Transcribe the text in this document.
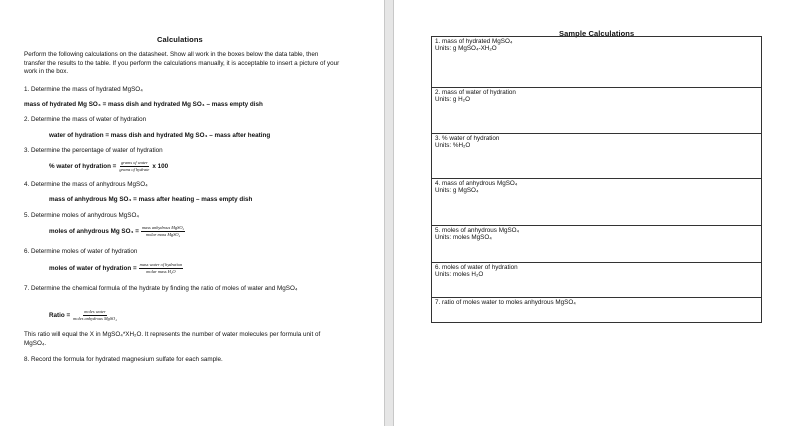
Calculations
Perform the following calculations on the datasheet. Show all work in the boxes below the data table, then transfer the results to the table. If you perform the calculations manually, it is acceptable to insert a picture of your work in the box.
1. Determine the mass of hydrated MgSO₄
mass of hydrated Mg SO₄ = mass dish and hydrated Mg SO₄ – mass empty dish
2. Determine the mass of water of hydration
water of hydration = mass dish and hydrated Mg SO₄ – mass after heating
3. Determine the percentage of water of hydration
% water of hydration = $\frac{\text{grams of water}}{\text{grams of hydrate}}$ x 100
4. Determine the mass of anhydrous MgSO₄
mass of anhydrous Mg SO₄ = mass after heating – mass empty dish
5. Determine moles of anhydrous MgSO₄
moles of anhydrous Mg $SO_4 = \frac{\text{mass anhydrous MgSO₄}}{\text{molar mass MgSO₄}}$
6. Determine moles of water of hydration
moles of water of hydration = $\frac{\text{mass water of hydration}}{\text{molar mass H₂O}}$
7. Determine the chemical formula of the hydrate by finding the ratio of moles of water and MgSO₄
Ratio = $\frac{\text{moles water}}{\text{moles anhydrous MgSO₄}}$
This ratio will equal the X in MgSO₄*XH₂O. It represents the number of water molecules per formula unit of MgSO₄.
8. Record the formula for hydrated magnesium sulfate for each sample.
Sample Calculations
1. mass of hydrated MgSO₄
Units: g MgSO₄-XH₂O
2. mass of water of hydration
Units: g H₂O
3. % water of hydration
Units: %H₂O
4. mass of anhydrous MgSO₄
Units: g MgSO₄
5. moles of anhydrous MgSO₄
Units: moles MgSO₄
6. moles of water of hydration
Units: moles H₂O
7. ratio of moles water to moles anhydrous MgSO₄
